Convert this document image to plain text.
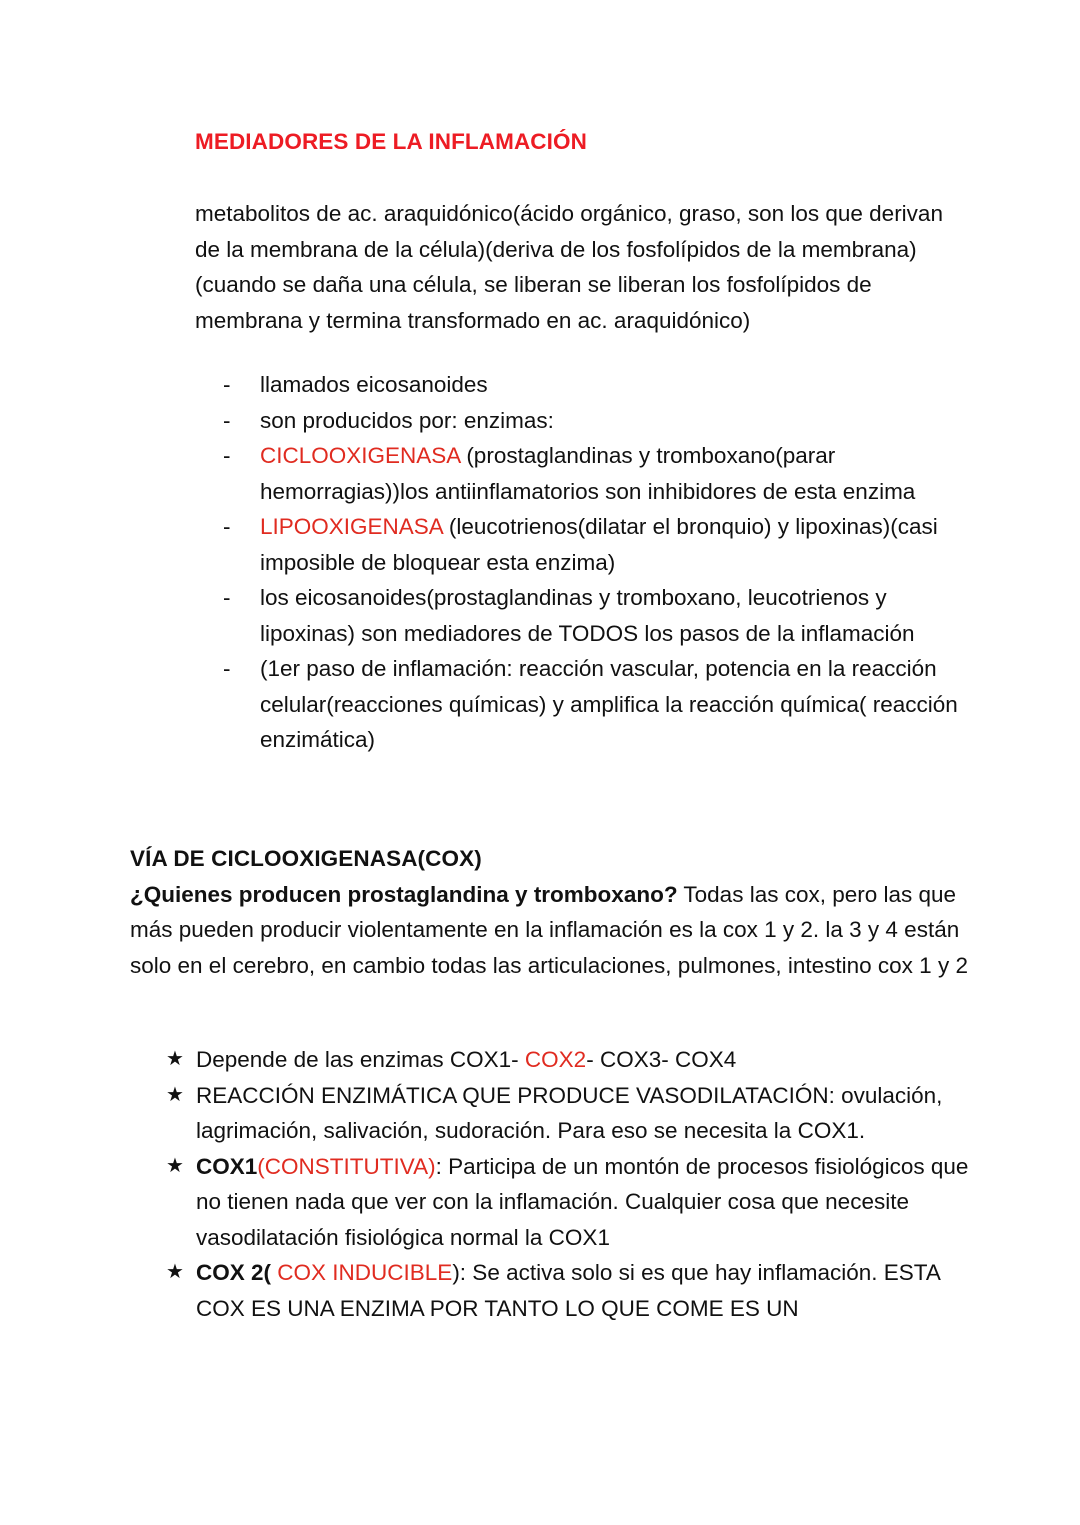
MEDIADORES DE LA INFLAMACIÓN
metabolitos de ac. araquidónico(ácido orgánico, graso, son los que derivan de la membrana de la célula)(deriva de los fosfolípidos de la membrana)(cuando se daña una célula, se liberan se liberan los fosfolípidos de membrana y termina transformado en ac. araquidónico)
-	llamados eicosanoides
-	son producidos por: enzimas:
-	CICLOOXIGENASA (prostaglandinas y tromboxano(parar hemorragias))los antiinflamatorios son inhibidores de esta enzima
-	LIPOOXIGENASA (leucotrienos(dilatar el bronquio) y lipoxinas)(casi imposible de bloquear esta enzima)
-	los eicosanoides(prostaglandinas y tromboxano, leucotrienos y lipoxinas) son mediadores de TODOS los pasos de la inflamación
-	(1er paso de inflamación: reacción vascular, potencia en la reacción celular(reacciones químicas) y amplifica la reacción química( reacción enzimática)
VÍA DE CICLOOXIGENASA(COX)
¿Quienes producen prostaglandina y tromboxano? Todas las cox, pero las que más pueden producir violentamente en la inflamación es la cox 1 y 2. la 3 y 4 están solo en el cerebro, en cambio todas las articulaciones, pulmones, intestino cox 1 y 2
★ Depende de las enzimas COX1- COX2- COX3- COX4
★ REACCIÓN ENZIMÁTICA QUE PRODUCE VASODILATACIÓN: ovulación, lagrimación, salivación, sudoración. Para eso se necesita la COX1.
★ COX1(CONSTITUTIVA): Participa de un montón de procesos fisiológicos que no tienen nada que ver con la inflamación. Cualquier cosa que necesite vasodilatación fisiológica normal la COX1
★ COX 2( COX INDUCIBLE): Se activa solo si es que hay inflamación. ESTA COX ES UNA ENZIMA POR TANTO LO QUE COME ES UN
